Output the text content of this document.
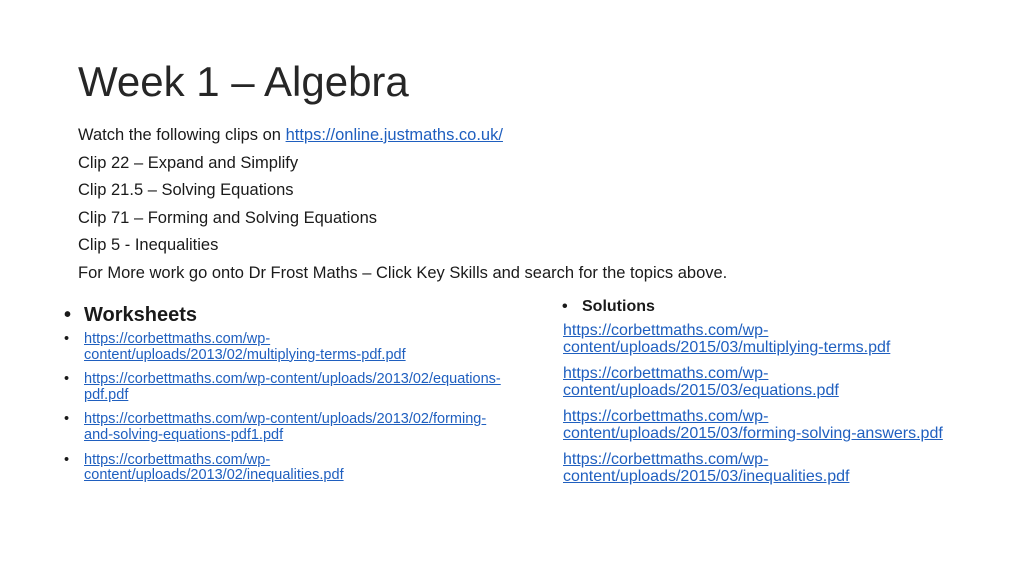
Week 1 – Algebra
Watch the following clips on https://online.justmaths.co.uk/
Clip 22 – Expand and Simplify
Clip 21.5 – Solving Equations
Clip 71 – Forming and Solving Equations
Clip 5 - Inequalities
For More work go onto Dr Frost Maths – Click Key Skills and search for the topics above.
• Worksheets
• https://corbettmaths.com/wp-content/uploads/2013/02/multiplying-terms-pdf.pdf
• https://corbettmaths.com/wp-content/uploads/2013/02/equations-pdf.pdf
• https://corbettmaths.com/wp-content/uploads/2013/02/forming-and-solving-equations-pdf1.pdf
• https://corbettmaths.com/wp-content/uploads/2013/02/inequalities.pdf
• Solutions
https://corbettmaths.com/wp-content/uploads/2015/03/multiplying-terms.pdf
https://corbettmaths.com/wp-content/uploads/2015/03/equations.pdf
https://corbettmaths.com/wp-content/uploads/2015/03/forming-solving-answers.pdf
https://corbettmaths.com/wp-content/uploads/2015/03/inequalities.pdf
